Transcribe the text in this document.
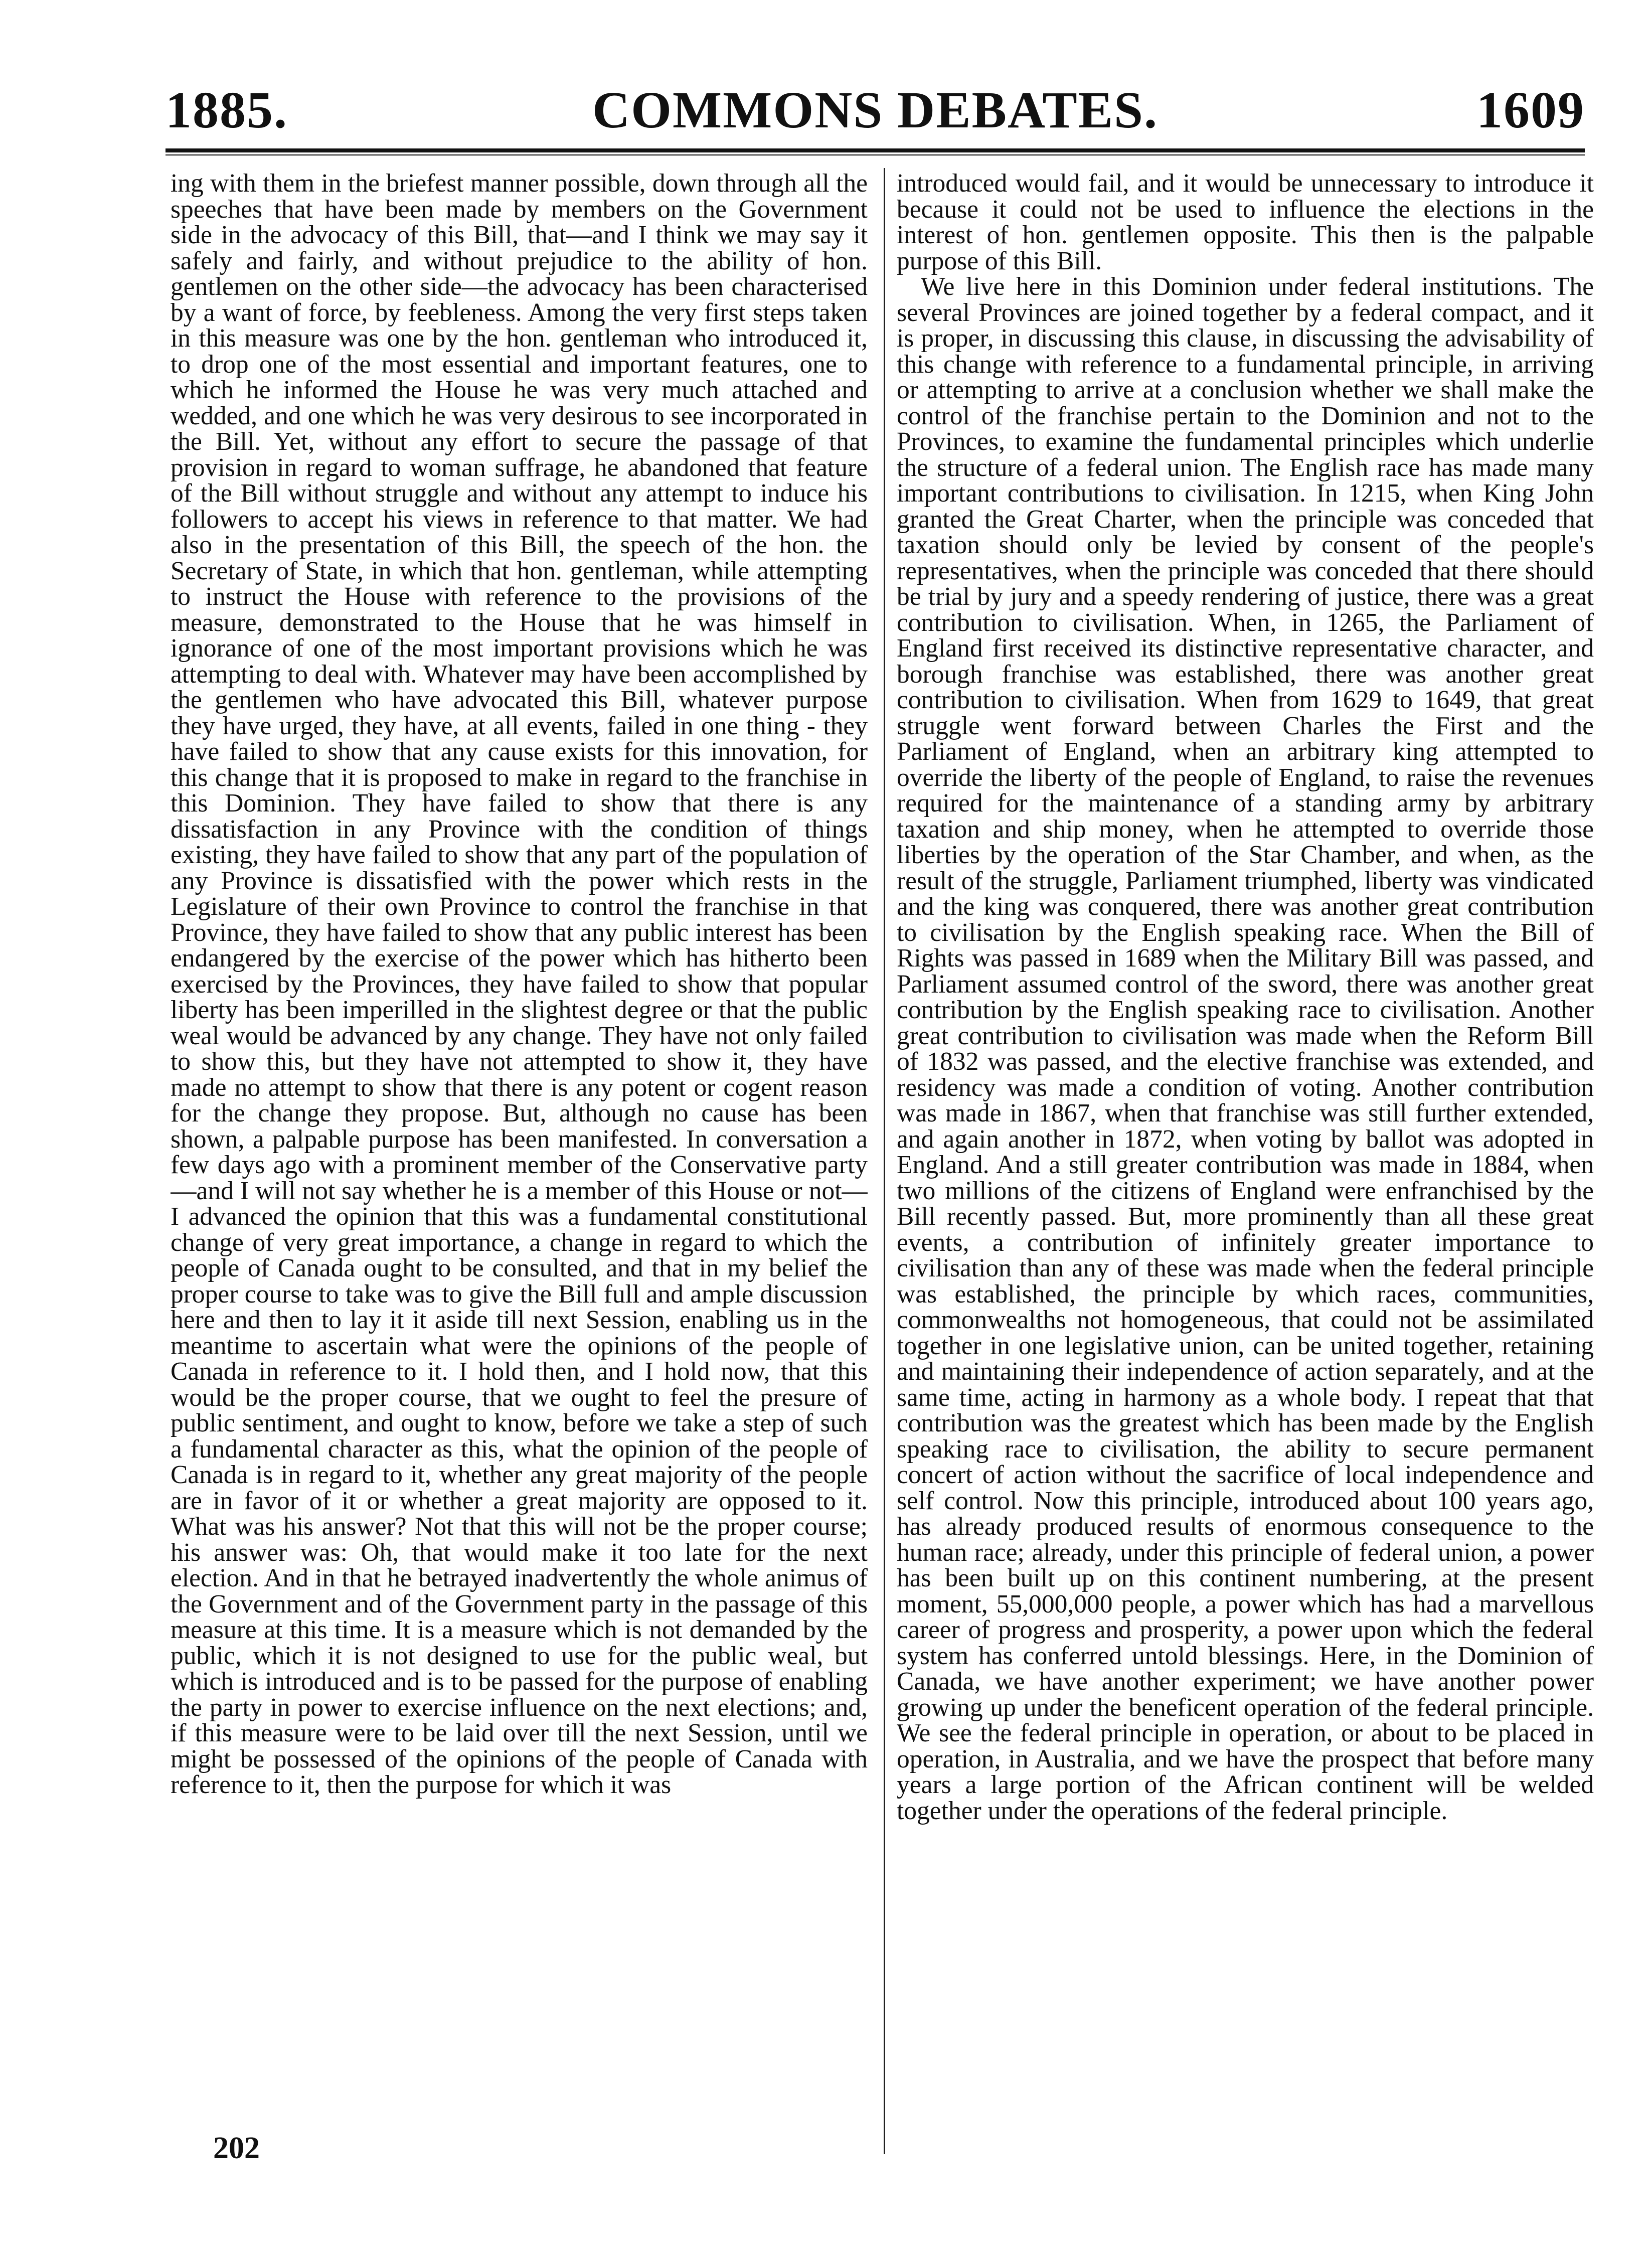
1885.	COMMONS DEBATES.	1609

ing with them in the briefest manner possible, down through all the speeches that have been made by members on the Government side in the advocacy of this Bill, that—and I think we may say it safely and fairly, and without prejudice to the ability of hon. gentlemen on the other side—the advocacy has been characterised by a want of force, by feebleness. Among the very first steps taken in this measure was one by the hon. gentleman who introduced it, to drop one of the most essential and important features, one to which he informed the House he was very much attached and wedded, and one which he was very desirous to see incorporated in the Bill. Yet, without any effort to secure the passage of that provision in regard to woman suffrage, he abandoned that feature of the Bill without struggle and without any attempt to induce his followers to accept his views in reference to that matter. We had also in the presentation of this Bill, the speech of the hon. the Secretary of State, in which that hon. gentleman, while attempting to instruct the House with reference to the provisions of the measure, demonstrated to the House that he was himself in ignorance of one of the most important provisions which he was attempting to deal with. Whatever may have been accomplished by the gentlemen who have advocated this Bill, whatever purpose they have urged, they have, at all events, failed in one thing - they have failed to show that any cause exists for this innovation, for this change that it is proposed to make in regard to the franchise in this Dominion. They have failed to show that there is any dissatisfaction in any Province with the condition of things existing, they have failed to show that any part of the population of any Province is dissatisfied with the power which rests in the Legislature of their own Province to control the franchise in that Province, they have failed to show that any public interest has been endangered by the exercise of the power which has hitherto been exercised by the Provinces, they have failed to show that popular liberty has been imperilled in the slightest degree or that the public weal would be advanced by any change. They have not only failed to show this, but they have not attempted to show it, they have made no attempt to show that there is any potent or cogent reason for the change they propose. But, although no cause has been shown, a palpable purpose has been manifested. In conversation a few days ago with a prominent member of the Conservative party—and I will not say whether he is a member of this House or not—I advanced the opinion that this was a fundamental constitutional change of very great importance, a change in regard to which the people of Canada ought to be consulted, and that in my belief the proper course to take was to give the Bill full and ample discussion here and then to lay it it aside till next Session, enabling us in the meantime to ascertain what were the opinions of the people of Canada in reference to it. I hold then, and I hold now, that this would be the proper course, that we ought to feel the presure of public sentiment, and ought to know, before we take a step of such a fundamental character as this, what the opinion of the people of Canada is in regard to it, whether any great majority of the people are in favor of it or whether a great majority are opposed to it. What was his answer? Not that this will not be the proper course; his answer was: Oh, that would make it too late for the next election. And in that he betrayed inadvertently the whole animus of the Government and of the Government party in the passage of this measure at this time. It is a measure which is not demanded by the public, which it is not designed to use for the public weal, but which is introduced and is to be passed for the purpose of enabling the party in power to exercise influence on the next elections; and, if this measure were to be laid over till the next Session, until we might be possessed of the opinions of the people of Canada with reference to it, then the purpose for which it was

introduced would fail, and it would be unnecessary to introduce it because it could not be used to influence the elections in the interest of hon. gentlemen opposite. This then is the palpable purpose of this Bill.

We live here in this Dominion under federal institutions. The several Provinces are joined together by a federal compact, and it is proper, in discussing this clause, in discussing the advisability of this change with reference to a fundamental principle, in arriving or attempting to arrive at a conclusion whether we shall make the control of the franchise pertain to the Dominion and not to the Provinces, to examine the fundamental principles which underlie the structure of a federal union. The English race has made many important contributions to civilisation. In 1215, when King John granted the Great Charter, when the principle was conceded that taxation should only be levied by consent of the people's representatives, when the principle was conceded that there should be trial by jury and a speedy rendering of justice, there was a great contribution to civilisation. When, in 1265, the Parliament of England first received its distinctive representative character, and borough franchise was established, there was another great contribution to civilisation. When from 1629 to 1649, that great struggle went forward between Charles the First and the Parliament of England, when an arbitrary king attempted to override the liberty of the people of England, to raise the revenues required for the maintenance of a standing army by arbitrary taxation and ship money, when he attempted to override those liberties by the operation of the Star Chamber, and when, as the result of the struggle, Parliament triumphed, liberty was vindicated and the king was conquered, there was another great contribution to civilisation by the English speaking race. When the Bill of Rights was passed in 1689 when the Military Bill was passed, and Parliament assumed control of the sword, there was another great contribution by the English speaking race to civilisation. Another great contribution to civilisation was made when the Reform Bill of 1832 was passed, and the elective franchise was extended, and residency was made a condition of voting. Another contribution was made in 1867, when that franchise was still further extended, and again another in 1872, when voting by ballot was adopted in England. And a still greater contribution was made in 1884, when two millions of the citizens of England were enfranchised by the Bill recently passed. But, more prominently than all these great events, a contribution of infinitely greater importance to civilisation than any of these was made when the federal principle was established, the principle by which races, communities, commonwealths not homogeneous, that could not be assimilated together in one legislative union, can be united together, retaining and maintaining their independence of action separately, and at the same time, acting in harmony as a whole body. I repeat that that contribution was the greatest which has been made by the English speaking race to civilisation, the ability to secure permanent concert of action without the sacrifice of local independence and self control. Now this principle, introduced about 100 years ago, has already produced results of enormous consequence to the human race; already, under this principle of federal union, a power has been built up on this continent numbering, at the present moment, 55,000,000 people, a power which has had a marvellous career of progress and prosperity, a power upon which the federal system has conferred untold blessings. Here, in the Dominion of Canada, we have another experiment; we have another power growing up under the beneficent operation of the federal principle. We see the federal principle in operation, or about to be placed in operation, in Australia, and we have the prospect that before many years a large portion of the African continent will be welded together under the operations of the federal principle.

202
